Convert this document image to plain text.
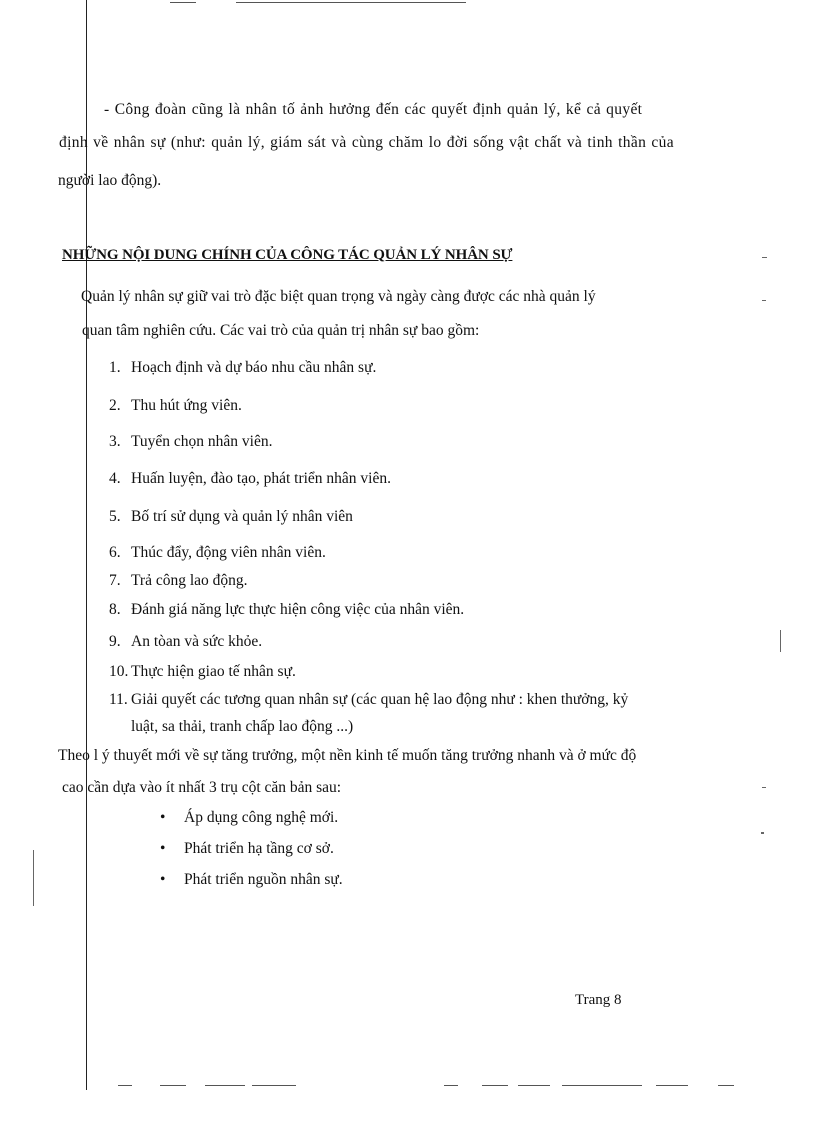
- Công đoàn cũng là nhân tố ảnh hưởng đến các quyết định quản lý, kể cả quyết
định về nhân sự (như: quản lý, giám sát và cùng chăm lo đời sống vật chất và tinh thần của
người lao động).
NHỮNG NỘI DUNG CHÍNH CỦA CÔNG TÁC QUẢN LÝ NHÂN SỰ
Quản lý nhân sự giữ vai trò đặc biệt quan trọng và ngày càng được các nhà quản lý
quan tâm nghiên cứu. Các vai trò của quản trị nhân sự bao gồm:
1. Hoạch định và dự báo nhu cầu nhân sự.
2. Thu hút ứng viên.
3. Tuyển chọn nhân viên.
4. Huấn luyện, đào tạo, phát triển nhân viên.
5. Bố trí sử dụng và quản lý nhân viên
6. Thúc đẩy, động viên nhân viên.
7. Trả công lao động.
8. Đánh giá năng lực thực hiện công việc của nhân viên.
9. An tòan và sức khỏe.
10. Thực hiện giao tế nhân sự.
11. Giải quyết các tương quan nhân sự (các quan hệ lao động như : khen thưởng, kỷ
luật, sa thải, tranh chấp lao động ...)
Theo l ý thuyết mới về sự tăng trưởng, một nền kinh tế muốn tăng trưởng nhanh và ở mức độ
cao cần dựa vào ít nhất 3 trụ cột căn bản sau:
• Áp dụng công nghệ mới.
• Phát triển hạ tầng cơ sở.
• Phát triển nguồn nhân sự.
Trang 8
